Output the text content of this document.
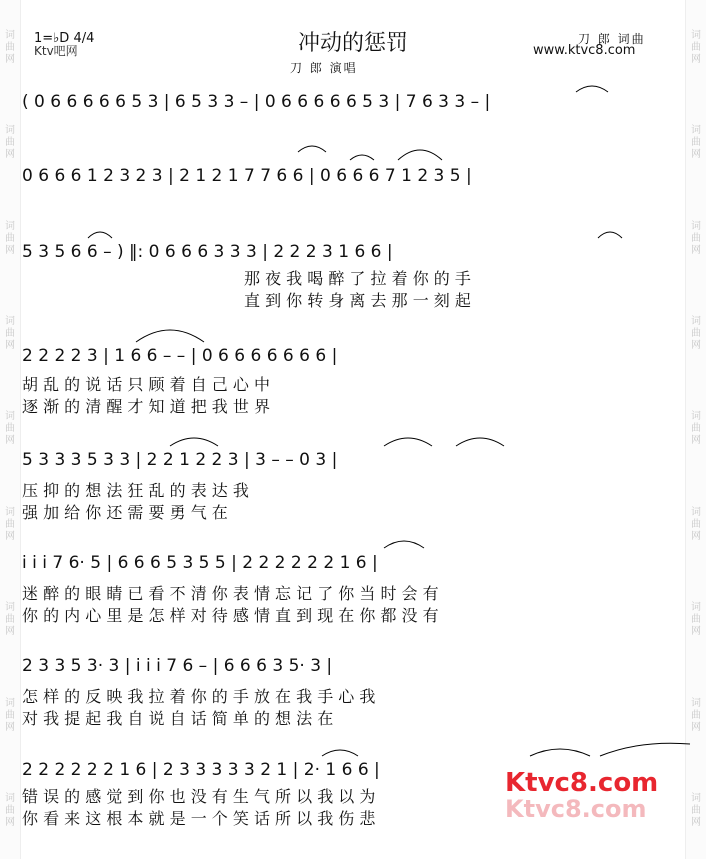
词
曲
网
词
曲
网
词
曲
网
词
曲
网
词
曲
网
词
曲
网
词
曲
网
词
曲
网
词
曲
网
词
曲
网
词
曲
网
词
曲
网
词
曲
网
词
曲
网
词
曲
网
词
曲
网
词
曲
网
词
曲
网
冲动的惩罚	刀 郎 词曲
www.ktvc8.com
刀 郎 演唱
1=♭D 4/4
Ktv吧网
( 0 6 6 6 6 6 5 3 | 6 5 3 3 – | 0 6 6 6 6 6 5 3 | 7 6 3 3 – |
0 6 6 6 1 2 3 2 3 | 2 1 2 1 7 7 6 6 | 0 6 6 6 7 1 2 3 5 |
5 3 5 6 6 – ) ‖: 0 6 6 6 3 3 3 | 2 2 2 3 1 6 6 |
那 夜 我 喝 醉 了 拉 着 你 的 手
直 到 你 转 身 离 去 那 一 刻 起
2 2 2 2 3 | 1 6 6 – – | 0 6 6 6 6 6 6 6 |
胡 乱 的 说 话 只 顾 着 自 己 心 中
逐 渐 的 清 醒 才 知 道 把 我 世 界
5 3 3 3 5 3 3 | 2 2 1 2 2 3 | 3 – – 0 3 |
压 抑 的 想 法 狂 乱 的 表 达 我
强 加 给 你 还 需 要 勇 气 在
i i i 7 6· 5 | 6 6 6 5 3 5 5 | 2 2 2 2 2 2 1 6 |
迷 醉 的 眼 睛 已 看 不 清 你 表 情 忘 记 了 你 当 时 会 有
你 的 内 心 里 是 怎 样 对 待 感 情 直 到 现 在 你 都 没 有
2 3 3 5 3· 3 | i i i 7 6 – | 6 6 6 3 5· 3 |
怎 样 的 反 映 我 拉 着 你 的 手 放 在 我 手 心 我
对 我 提 起 我 自 说 自 话 简 单 的 想 法 在
2 2 2 2 2 2 1 6 | 2 3 3 3 3 3 2 1 | 2· 1 6 6 |
错 误 的 感 觉 到 你 也 没 有 生 气 所 以 我 以 为
你 看 来 这 根 本 就 是 一 个 笑 话 所 以 我 伤 悲
Ktvc8.com
Ktvc8.com
